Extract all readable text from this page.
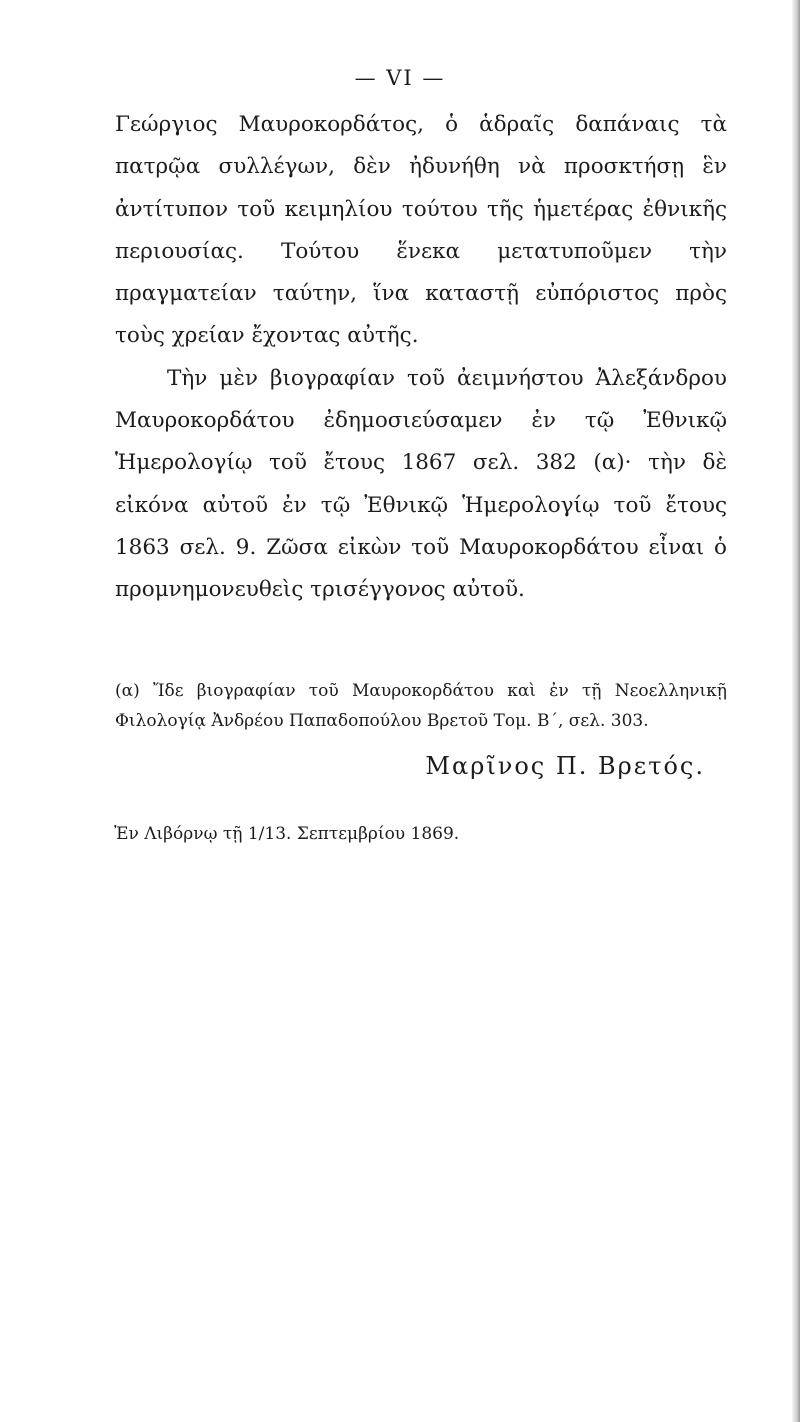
— VI —

Γεώργιος Μαυροκορδάτος, ὁ ἁδραῖς δαπάναις τὰ πατρῷα συλλέγων, δὲν ἠδυνήθη νὰ προσκτήσῃ ἓν ἀντίτυπον τοῦ κειμηλίου τούτου τῆς ἡμετέρας ἐθνικῆς περιουσίας. Τούτου ἕνεκα μετατυποῦμεν τὴν πραγματείαν ταύτην, ἵνα καταστῇ εὐπόριστος πρὸς τοὺς χρείαν ἔχοντας αὐτῆς.

Τὴν μὲν βιογραφίαν τοῦ ἀειμνήστου Ἀλεξάνδρου Μαυροκορδάτου ἐδημοσιεύσαμεν ἐν τῷ Ἐθνικῷ Ἡμερολογίῳ τοῦ ἔτους 1867 σελ. 382 (α)· τὴν δὲ εἰκόνα αὐτοῦ ἐν τῷ Ἐθνικῷ Ἡμερολογίῳ τοῦ ἔτους 1863 σελ. 9. Ζῶσα εἰκὼν τοῦ Μαυροκορδάτου εἶναι ὁ προμνημονευθεὶς τρισέγγονος αὐτοῦ.

(α) Ἴδε βιογραφίαν τοῦ Μαυροκορδάτου καὶ ἐν τῇ Νεοελληνικῇ Φιλολογίᾳ Ἀνδρέου Παπαδοπούλου Βρετοῦ Τομ. Β΄, σελ. 303.

Μαρῖνος Π. Βρετός.
Ἐν Λιβόρνῳ τῇ 1/13. Σεπτεμβρίου 1869.
